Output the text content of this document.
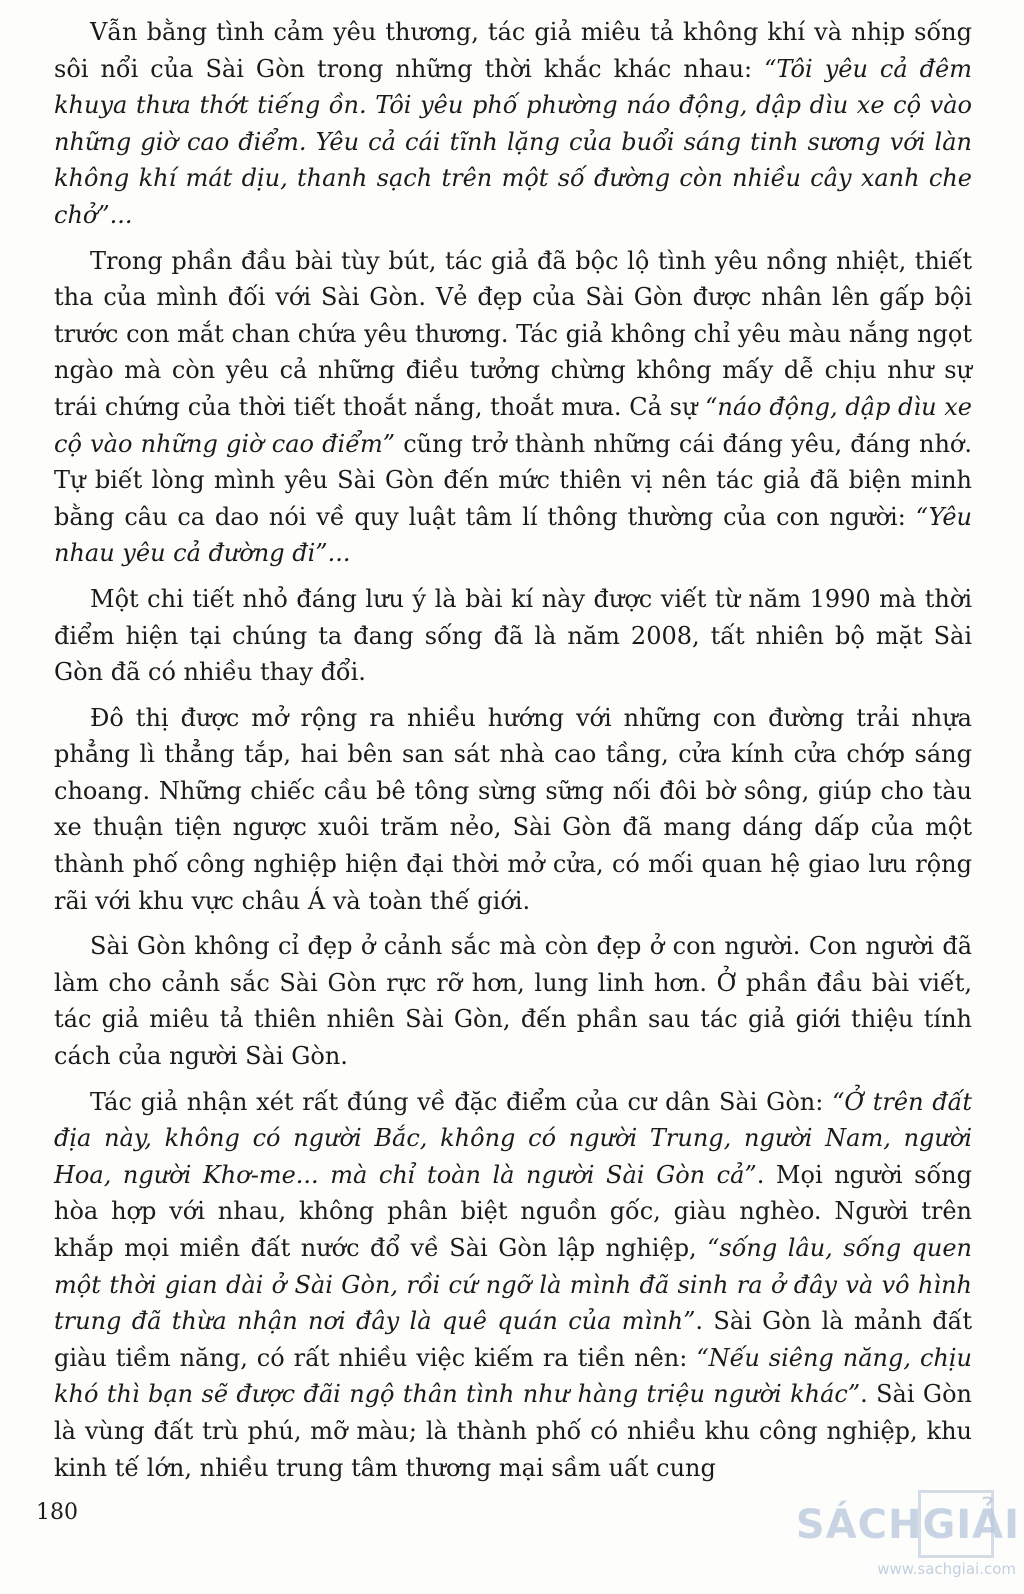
Vẫn bằng tình cảm yêu thương, tác giả miêu tả không khí và nhịp sống sôi nổi của Sài Gòn trong những thời khắc khác nhau: “Tôi yêu cả đêm khuya thưa thớt tiếng ồn. Tôi yêu phố phường náo động, dập dìu xe cộ vào những giờ cao điểm. Yêu cả cái tĩnh lặng của buổi sáng tinh sương với làn không khí mát dịu, thanh sạch trên một số đường còn nhiều cây xanh che chở”...

Trong phần đầu bài tùy bút, tác giả đã bộc lộ tình yêu nồng nhiệt, thiết tha của mình đối với Sài Gòn. Vẻ đẹp của Sài Gòn được nhân lên gấp bội trước con mắt chan chứa yêu thương. Tác giả không chỉ yêu màu nắng ngọt ngào mà còn yêu cả những điều tưởng chừng không mấy dễ chịu như sự trái chứng của thời tiết thoắt nắng, thoắt mưa. Cả sự “náo động, dập dìu xe cộ vào những giờ cao điểm” cũng trở thành những cái đáng yêu, đáng nhớ. Tự biết lòng mình yêu Sài Gòn đến mức thiên vị nên tác giả đã biện minh bằng câu ca dao nói về quy luật tâm lí thông thường của con người: “Yêu nhau yêu cả đường đi”...

Một chi tiết nhỏ đáng lưu ý là bài kí này được viết từ năm 1990 mà thời điểm hiện tại chúng ta đang sống đã là năm 2008, tất nhiên bộ mặt Sài Gòn đã có nhiều thay đổi.

Đô thị được mở rộng ra nhiều hướng với những con đường trải nhựa phẳng lì thẳng tắp, hai bên san sát nhà cao tầng, cửa kính cửa chớp sáng choang. Những chiếc cầu bê tông sừng sững nối đôi bờ sông, giúp cho tàu xe thuận tiện ngược xuôi trăm nẻo, Sài Gòn đã mang dáng dấp của một thành phố công nghiệp hiện đại thời mở cửa, có mối quan hệ giao lưu rộng rãi với khu vực châu Á và toàn thế giới.

Sài Gòn không cỉ đẹp ở cảnh sắc mà còn đẹp ở con người. Con người đã làm cho cảnh sắc Sài Gòn rực rỡ hơn, lung linh hơn. Ở phần đầu bài viết, tác giả miêu tả thiên nhiên Sài Gòn, đến phần sau tác giả giới thiệu tính cách của người Sài Gòn.

Tác giả nhận xét rất đúng về đặc điểm của cư dân Sài Gòn: “Ở trên đất địa này, không có người Bắc, không có người Trung, người Nam, người Hoa, người Khơ-me... mà chỉ toàn là người Sài Gòn cả”. Mọi người sống hòa hợp với nhau, không phân biệt nguồn gốc, giàu nghèo. Người trên khắp mọi miền đất nước đổ về Sài Gòn lập nghiệp, “sống lâu, sống quen một thời gian dài ở Sài Gòn, rồi cứ ngỡ là mình đã sinh ra ở đây và vô hình trung đã thừa nhận nơi đây là quê quán của mình”. Sài Gòn là mảnh đất giàu tiềm năng, có rất nhiều việc kiếm ra tiền nên: “Nếu siêng năng, chịu khó thì bạn sẽ được đãi ngộ thân tình như hàng triệu người khác”. Sài Gòn là vùng đất trù phú, mỡ màu; là thành phố có nhiều khu công nghiệp, khu kinh tế lớn, nhiều trung tâm thương mại sầm uất cung

180	SÁCHGIẢI
www.sachgiai.com
